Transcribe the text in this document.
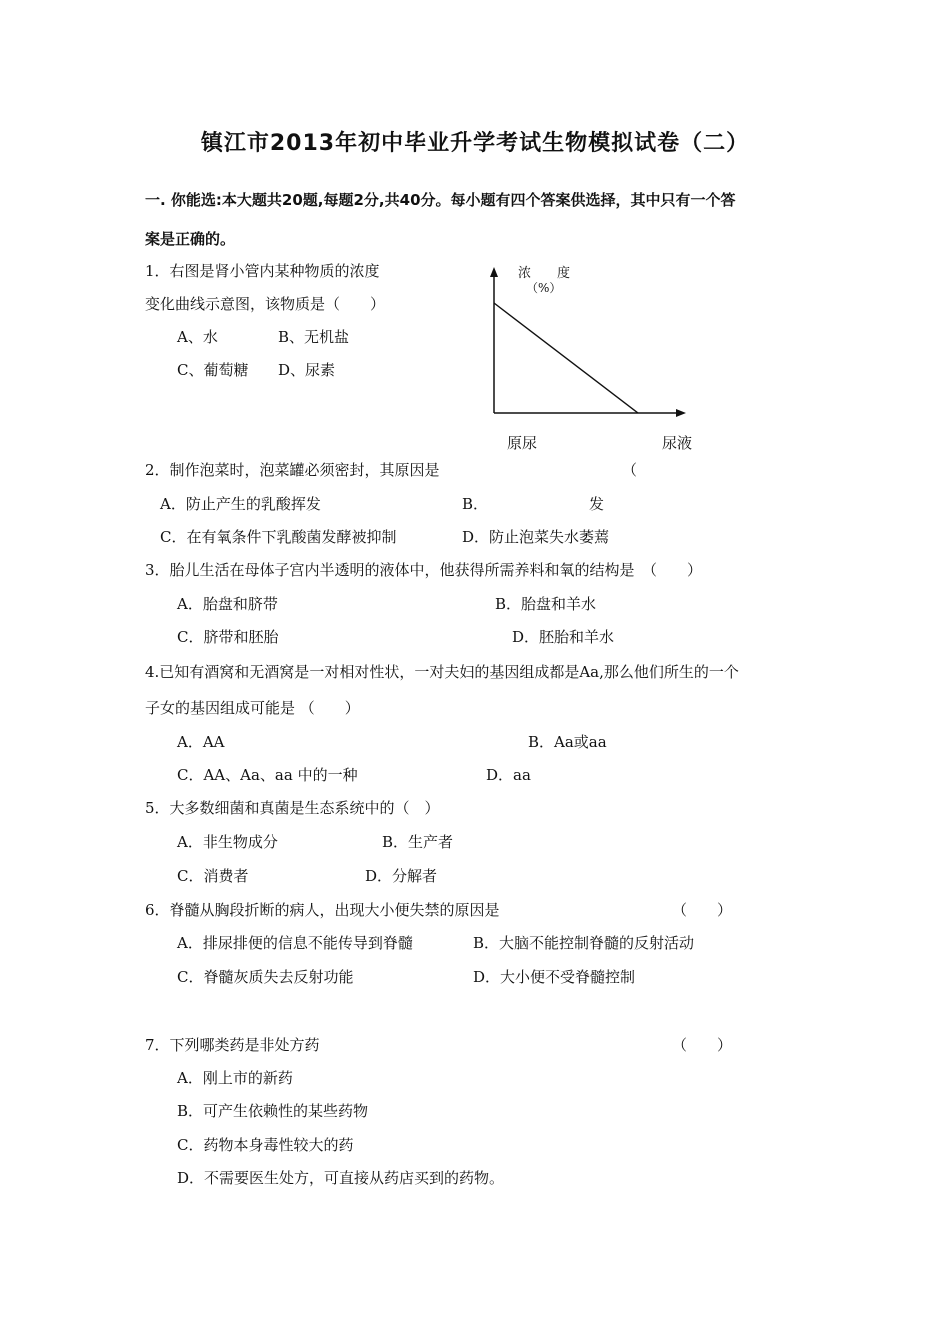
镇江市2013年初中毕业升学考试生物模拟试卷（二）
一. 你能选:本大题共20题,每题2分,共40分。每小题有四个答案供选择，其中只有一个答
案是正确的。
1．右图是肾小管内某种物质的浓度
变化曲线示意图，该物质是（　　）
A、水	B、无机盐
C、葡萄糖 D、尿素
浓　　度
（%）
原尿	尿液
2．制作泡菜时，泡菜罐必须密封，其原因是	（
A．防止产生的乳酸挥发	B．	发
C．在有氧条件下乳酸菌发酵被抑制	D．防止泡菜失水萎蔫
3．胎儿生活在母体子宫内半透明的液体中，他获得所需养料和氧的结构是　（　　）
A．胎盘和脐带	B．胎盘和羊水
C．脐带和胚胎	D．胚胎和羊水
4.已知有酒窝和无酒窝是一对相对性状，一对夫妇的基因组成都是Aa,那么他们所生的一个
子女的基因组成可能是 （　　）
A．AA	B．Aa或aa
C．AA、Aa、aa 中的一种	D．aa
5．大多数细菌和真菌是生态系统中的（　）
A．非生物成分	B．生产者
C．消费者	D．分解者
6．脊髓从胸段折断的病人，出现大小便失禁的原因是	（　　）
A．排尿排便的信息不能传导到脊髓	B．大脑不能控制脊髓的反射活动
C．脊髓灰质失去反射功能	D．大小便不受脊髓控制
7．下列哪类药是非处方药	（　　）
A．刚上市的新药
B．可产生依赖性的某些药物
C．药物本身毒性较大的药
D．不需要医生处方，可直接从药店买到的药物。
